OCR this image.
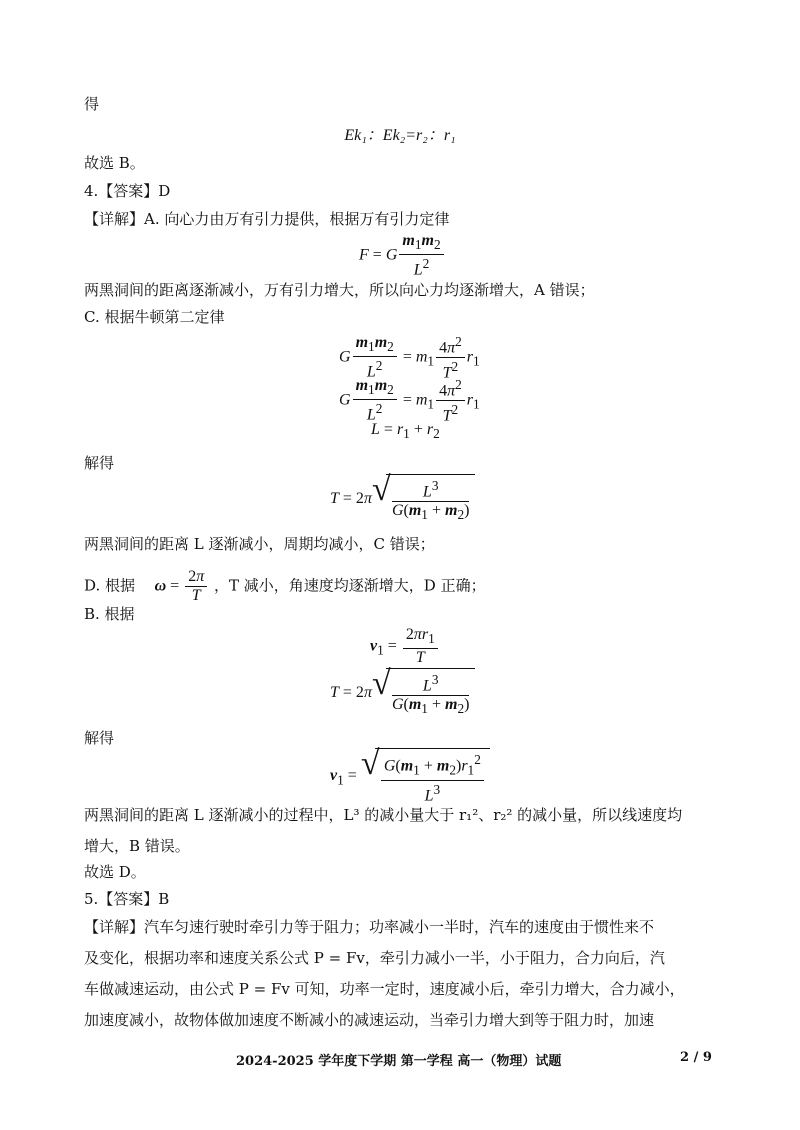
得
Ek₁：Ek₂=r₂：r₁
故选 B。
4.【答案】D
【详解】A. 向心力由万有引力提供，根据万有引力定律
F = G $\frac{m_1m_2}{L^2}$
两黑洞间的距离逐渐减小，万有引力增大，所以向心力均逐渐增大，A 错误；
C. 根据牛顿第二定律
G $\frac{m_1m_2}{L^2} = m_1 \frac{4\pi^2}{T^2} r_1$
G $\frac{m_1m_2}{L^2} = m_1 \frac{4\pi^2}{T^2} r_1$
$L = r_1 + r_2$
解得
T = 2π √ $\frac{L^3}{G(m_1 + m_2)}$
两黑洞间的距离 L 逐渐减小，周期均减小，C 错误；
D. 根据 $\omega = \frac{2\pi}{T}$ ，T 减小，角速度均逐渐增大，D 正确；
B. 根据
$v_1 = \frac{2\pi r_1}{T}$
T = 2π √ $\frac{L^3}{G(m_1 + m_2)}$
解得
$v_1$ = √ $\frac{G(m_1 + m_2)r_1^2}{L^3}$
两黑洞间的距离 L 逐渐减小的过程中，L³ 的减小量大于 r₁²、r₂² 的减小量，所以线速度均
增大，B 错误。
故选 D。
5.【答案】B
【详解】汽车匀速行驶时牵引力等于阻力；功率减小一半时，汽车的速度由于惯性来不
及变化，根据功率和速度关系公式 P = Fv，牵引力减小一半，小于阻力，合力向后，汽
车做减速运动，由公式 P = Fv 可知，功率一定时，速度减小后，牵引力增大，合力减小，
加速度减小，故物体做加速度不断减小的减速运动，当牵引力增大到等于阻力时，加速
2024-2025 学年度下学期 第一学程 高一（物理）试题	2 / 9
